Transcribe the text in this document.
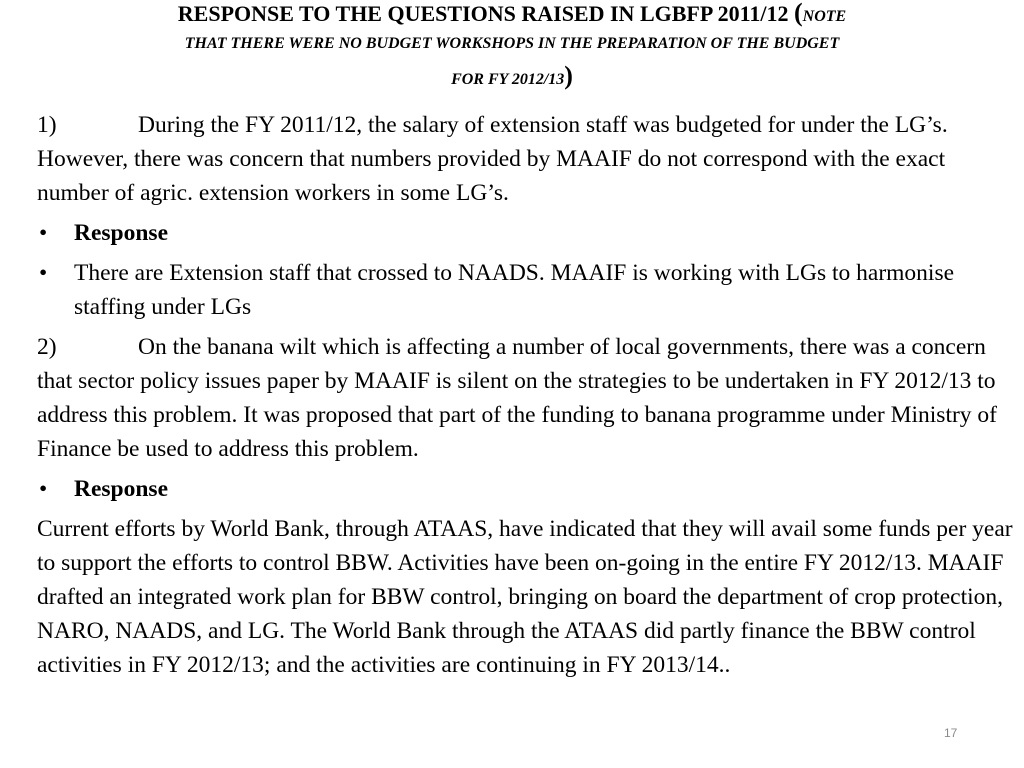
RESPONSE TO THE QUESTIONS RAISED IN LGBFP 2011/12 (NOTE
THAT THERE WERE NO BUDGET WORKSHOPS IN THE PREPARATION OF THE BUDGET
FOR FY 2012/13)

1)	During the FY 2011/12, the salary of extension staff was budgeted for under the LG’s. However, there was concern that numbers provided by MAAIF do not correspond with the exact number of agric. extension workers in some LG’s.

• Response
• There are Extension staff that crossed to NAADS. MAAIF is working with LGs to harmonise staffing under LGs

2)	On the banana wilt which is affecting a number of local governments, there was a concern that sector policy issues paper by MAAIF is silent on the strategies to be undertaken in FY 2012/13 to address this problem. It was proposed that part of the funding to banana programme under Ministry of Finance be used to address this problem.

• Response

Current efforts by World Bank, through ATAAS, have indicated that they will avail some funds per year to support the efforts to control BBW. Activities have been on-going in the entire FY 2012/13. MAAIF drafted an integrated work plan for BBW control, bringing on board the department of crop protection, NARO, NAADS, and LG. The World Bank through the ATAAS did partly finance the BBW control activities in FY 2012/13; and the activities are continuing in FY 2013/14..

17
